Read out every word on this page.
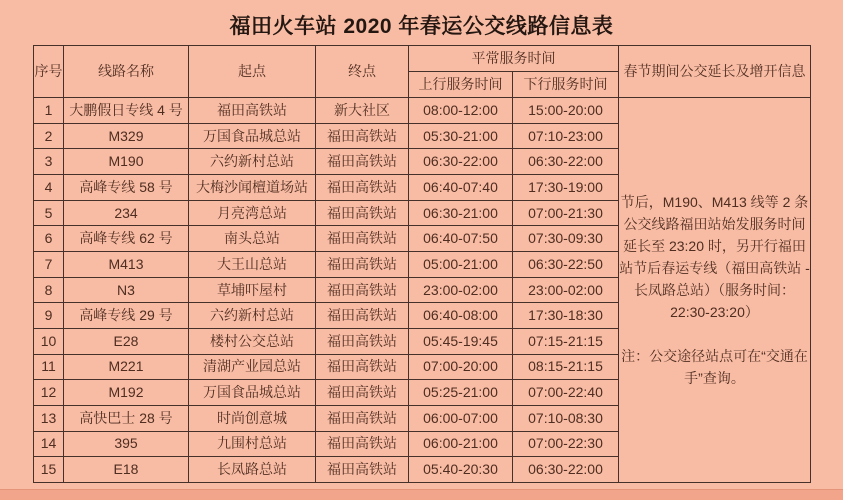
福田火车站 2020 年春运公交线路信息表
序号	线路名称	起点	终点	平常服务时间		春节期间公交延长及增开信息
				上行服务时间	下行服务时间	
1	大鹏假日专线 4 号	福田高铁站	新大社区	08:00-12:00	15:00-20:00	节后，M190、M413 线等 2 条公交线路福田站始发服务时间延长至 23:20 时，另开行福田站节后春运专线（福田高铁站 - 长凤路总站）（服务时间：22:30-23:20）

注：公交途径站点可在“交通在手”查询。

2	M329	万国食品城总站	福田高铁站	05:30-21:00	07:10-23:00	
3	M190	六约新村总站	福田高铁站	06:30-22:00	06:30-22:00	
4	高峰专线 58 号	大梅沙闻檀道场站	福田高铁站	06:40-07:40	17:30-19:00	
5	234	月亮湾总站	福田高铁站	06:30-21:00	07:00-21:30	
6	高峰专线 62 号	南头总站	福田高铁站	06:40-07:50	07:30-09:30	
7	M413	大王山总站	福田高铁站	05:00-21:00	06:30-22:50	
8	N3	草埔吓屋村	福田高铁站	23:00-02:00	23:00-02:00	
9	高峰专线 29 号	六约新村总站	福田高铁站	06:40-08:00	17:30-18:30	
10	E28	楼村公交总站	福田高铁站	05:45-19:45	07:15-21:15	
11	M221	清湖产业园总站	福田高铁站	07:00-20:00	08:15-21:15	
12	M192	万国食品城总站	福田高铁站	05:25-21:00	07:00-22:40	
13	高快巴士 28 号	时尚创意城	福田高铁站	06:00-07:00	07:10-08:30	
14	395	九围村总站	福田高铁站	06:00-21:00	07:00-22:30	
15	E18	长凤路总站	福田高铁站	05:40-20:30	06:30-22:00	
